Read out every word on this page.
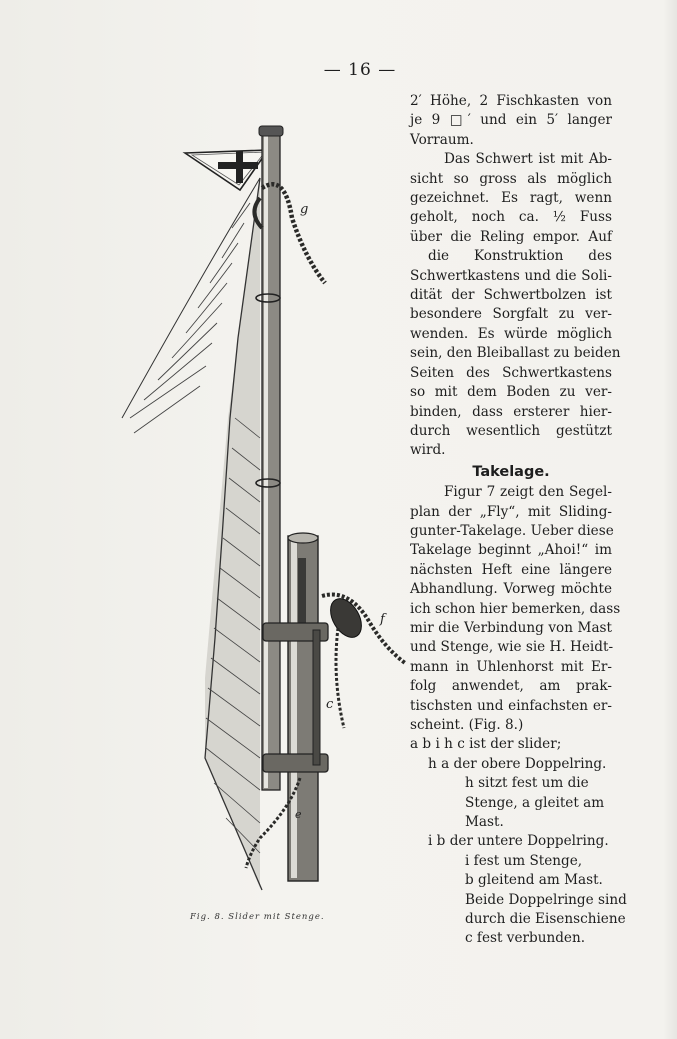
— 16 —
g
f
c
e
Fig. 8. Slider mit Stenge.
2′ Höhe, 2 Fischkasten von
je 9 □′ und ein 5′ langer
Vorraum.
Das Schwert ist mit Ab-
sicht so gross als möglich
gezeichnet. Es ragt, wenn
geholt, noch ca. ½ Fuss
über die Reling empor. Auf
die Konstruktion des
Schwertkastens und die Soli-
dität der Schwertbolzen ist
besondere Sorgfalt zu ver-
wenden. Es würde möglich
sein, den Bleiballast zu beiden
Seiten des Schwertkastens
so mit dem Boden zu ver-
binden, dass ersterer hier-
durch wesentlich gestützt
wird.
Takelage.
Figur 7 zeigt den Segel-
plan der „Fly“, mit Sliding-
gunter-Takelage. Ueber diese
Takelage beginnt „Ahoi!“ im
nächsten Heft eine längere
Abhandlung. Vorweg möchte
ich schon hier bemerken, dass
mir die Verbindung von Mast
und Stenge, wie sie H. Heidt-
mann in Uhlenhorst mit Er-
folg anwendet, am prak-
tischsten und einfachsten er-
scheint. (Fig. 8.)
a b i h c ist der slider;
h a der obere Doppelring.
h sitzt fest um die
Stenge, a gleitet am
Mast.
i b der untere Doppelring.
i fest um Stenge,
b gleitend am Mast.
Beide Doppelringe sind
durch die Eisenschiene
c fest verbunden.
